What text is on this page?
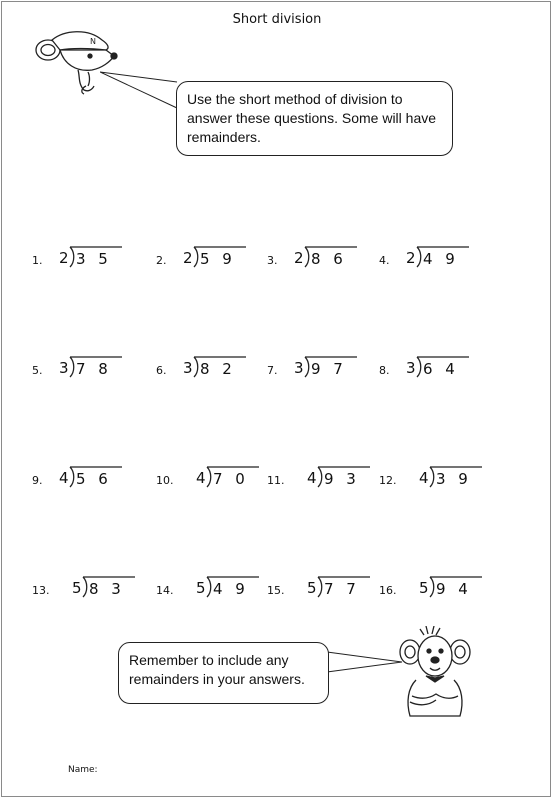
Short division
N
Use the short method of division to answer these questions. Some will have remainders.
1. 2 3 5	2. 2 5 9	3. 2 8 6	4. 2 4 9
5. 3 7 8	6. 3 8 2	7. 3 9 7	8. 3 6 4
9. 4 5 6	10. 4 7 0 11. 4 9 3 12. 4 3 9
13. 5 8 3	14. 5 4 9 15. 5 7 7 16. 5 9 4
Remember to include any remainders in your answers.
Name:
